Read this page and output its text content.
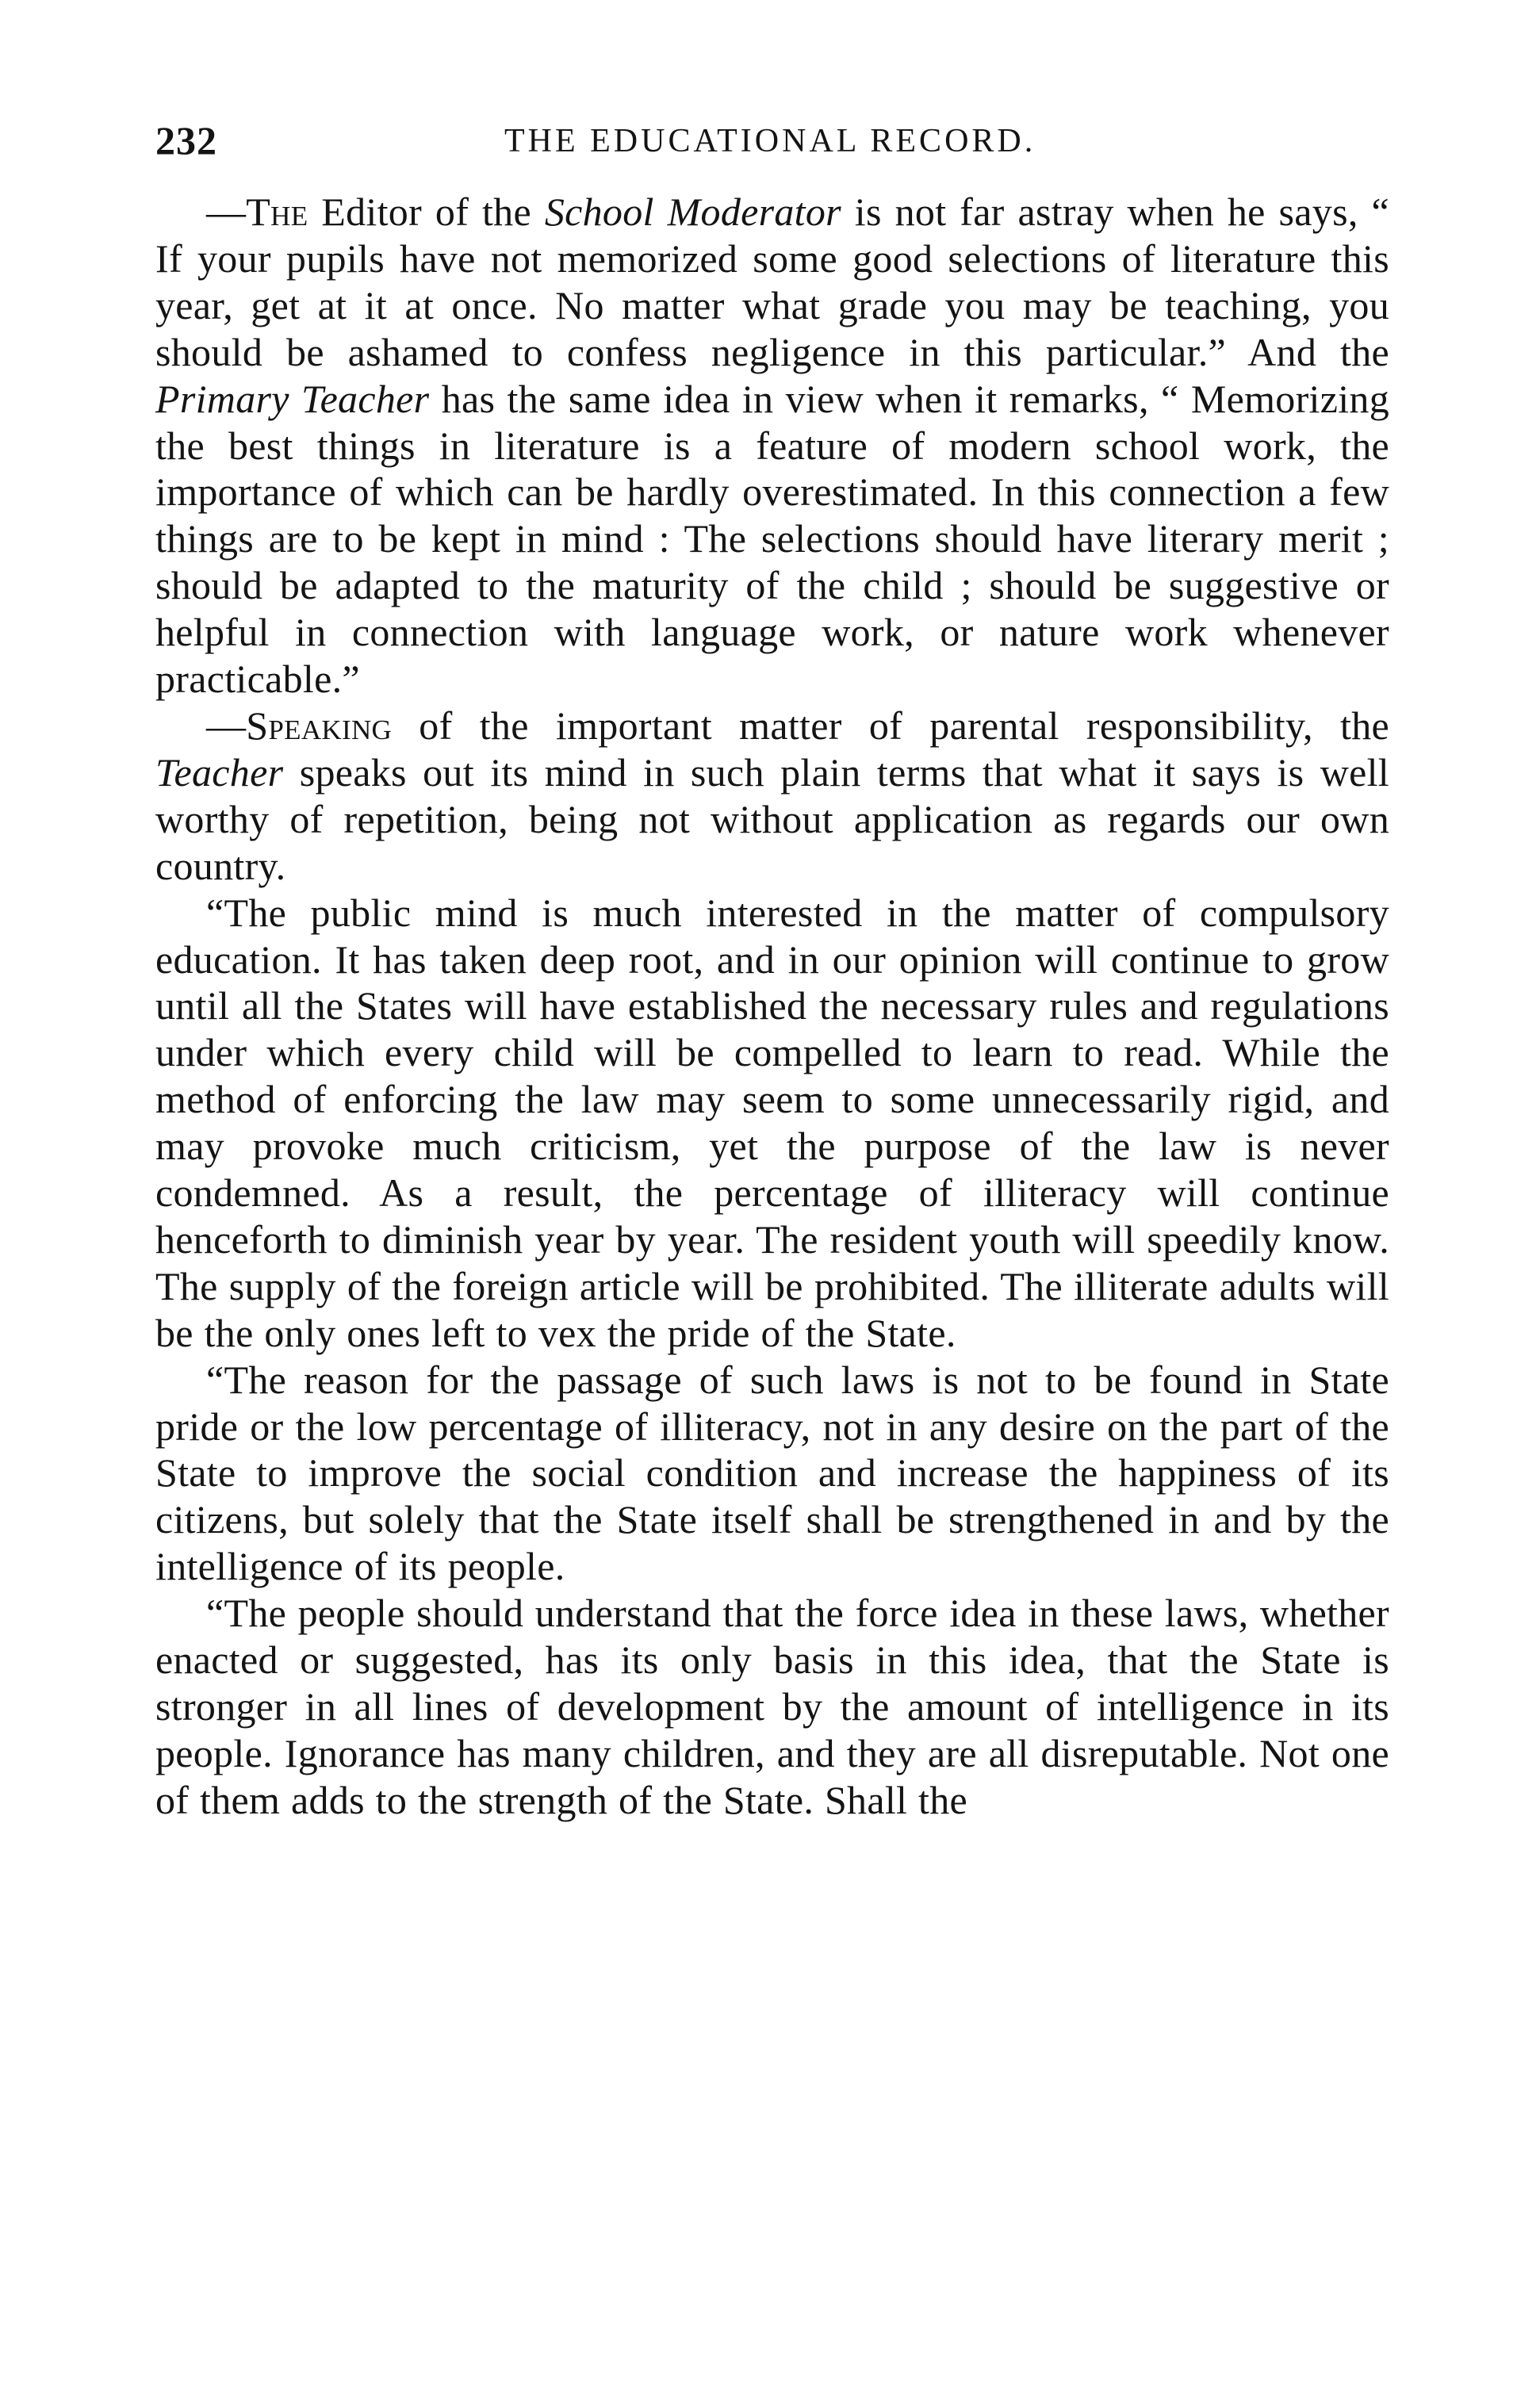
232	THE EDUCATIONAL RECORD.

—The Editor of the School Moderator is not far astray when he says, “ If your pupils have not memorized some good selections of literature this year, get at it at once. No matter what grade you may be teaching, you should be ashamed to confess negligence in this particular.” And the Primary Teacher has the same idea in view when it remarks, “ Memorizing the best things in literature is a feature of modern school work, the importance of which can be hardly overestimated. In this connection a few things are to be kept in mind : The selections should have literary merit ; should be adapted to the maturity of the child ; should be suggestive or helpful in connection with language work, or nature work whenever practicable.”

—Speaking of the important matter of parental responsibility, the Teacher speaks out its mind in such plain terms that what it says is well worthy of repetition, being not without application as regards our own country.

“The public mind is much interested in the matter of compulsory education. It has taken deep root, and in our opinion will continue to grow until all the States will have established the necessary rules and regulations under which every child will be compelled to learn to read. While the method of enforcing the law may seem to some unnecessarily rigid, and may provoke much criticism, yet the purpose of the law is never condemned. As a result, the percentage of illiteracy will continue henceforth to diminish year by year. The resident youth will speedily know. The supply of the foreign article will be prohibited. The illiterate adults will be the only ones left to vex the pride of the State.

“The reason for the passage of such laws is not to be found in State pride or the low percentage of illiteracy, not in any desire on the part of the State to improve the social condition and increase the happiness of its citizens, but solely that the State itself shall be strengthened in and by the intelligence of its people.

“The people should understand that the force idea in these laws, whether enacted or suggested, has its only basis in this idea, that the State is stronger in all lines of development by the amount of intelligence in its people. Ignorance has many children, and they are all disreputable. Not one of them adds to the strength of the State. Shall the
